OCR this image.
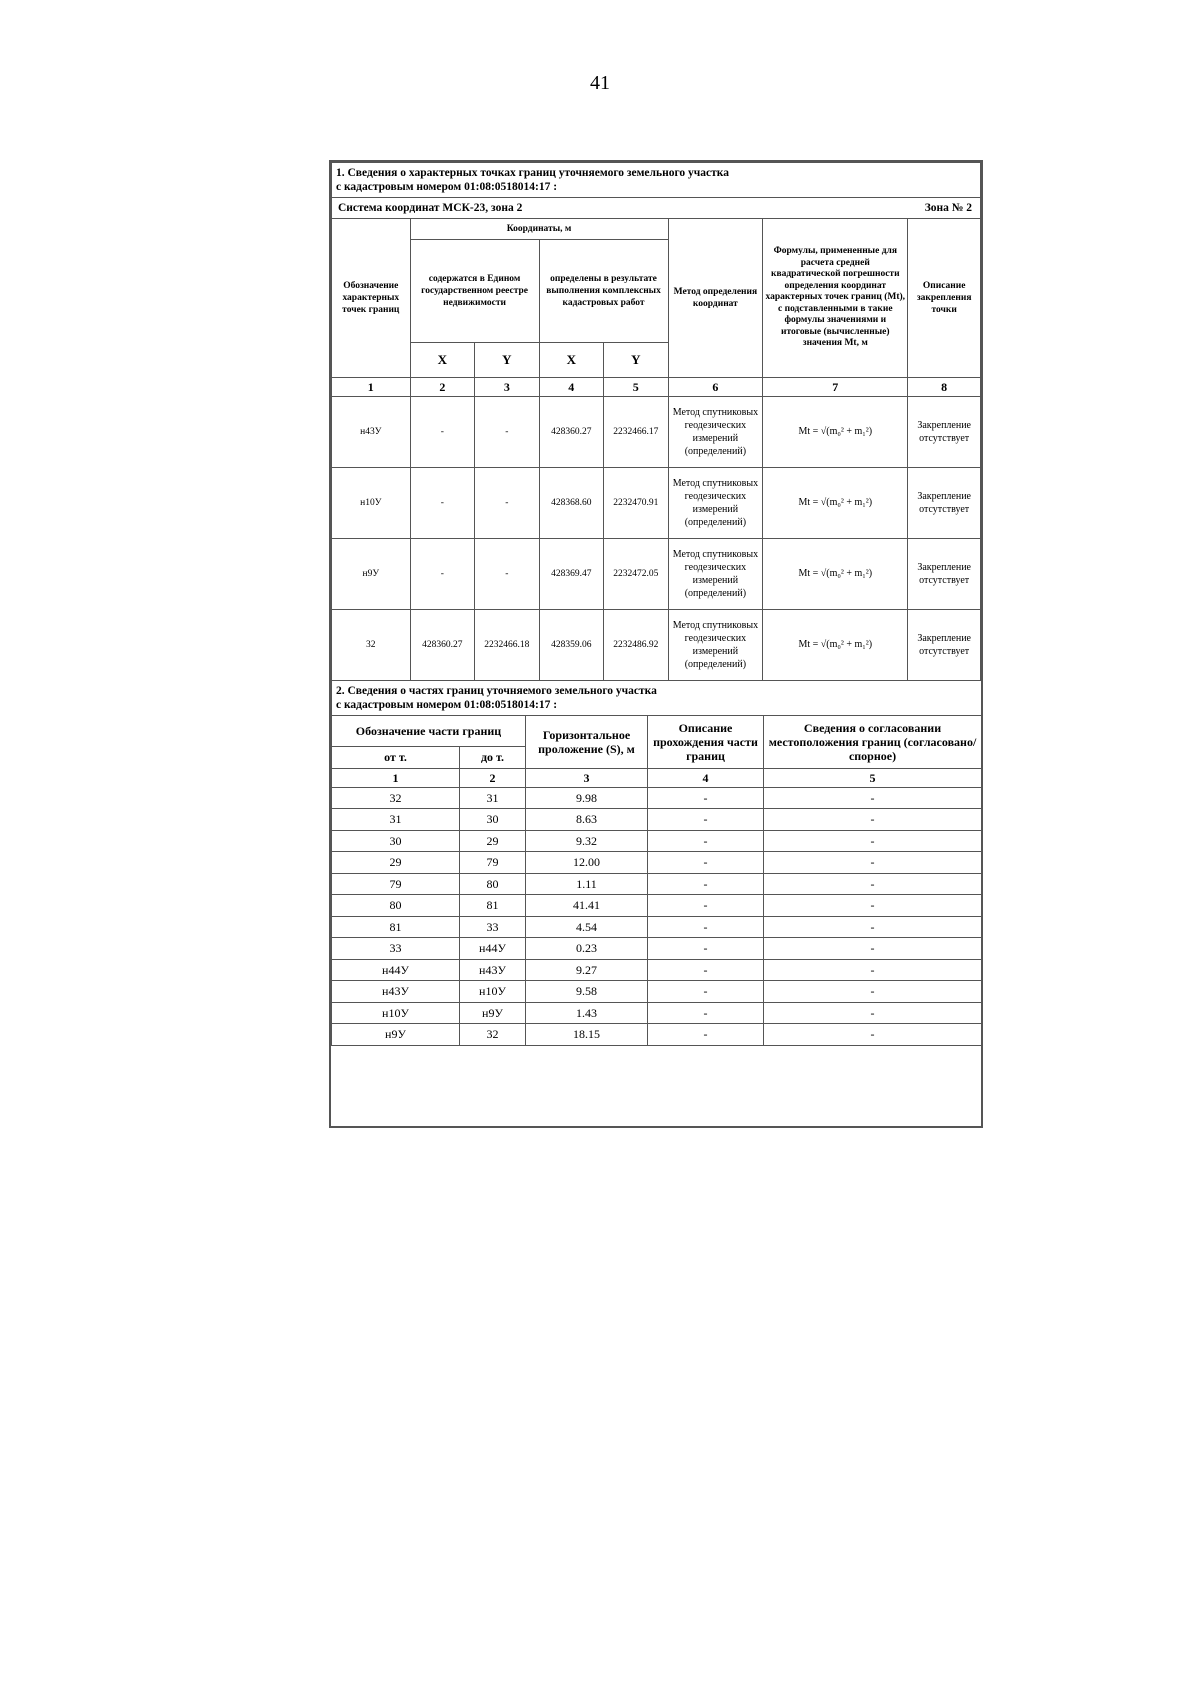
41
1. Сведения о характерных точках границ уточняемого земельного участка
с кадастровым номером 01:08:0518014:17 :							

Система координат МСК-23, зона 2						Зона № 2	
Обозначение характерных точек границ	Координаты, м				Метод определения координат	Формулы, примененные для расчета средней квадратической погрешности определения координат характерных точек границ (Mt), с подставленными в такие формулы значениями и итоговые (вычисленные) значения Mt, м	Описание закрепления точки
	содержатся в Едином государственном реестре недвижимости		определены в результате выполнения комплексных кадастровых работ				
	X	Y	X	Y			
1	2	3	4	5	6	7	8
н43У	-	-	428360.27	2232466.17	Метод спутниковых геодезических измерений (определений)	Mt = √(m₀² + m₁²)	Закрепление отсутствует
н10У	-	-	428368.60	2232470.91	Метод спутниковых геодезических измерений (определений)	Mt = √(m₀² + m₁²)	Закрепление отсутствует
н9У	-	-	428369.47	2232472.05	Метод спутниковых геодезических измерений (определений)	Mt = √(m₀² + m₁²)	Закрепление отсутствует
32	428360.27	2232466.18	428359.06	2232486.92	Метод спутниковых геодезических измерений (определений)	Mt = √(m₀² + m₁²)	Закрепление отсутствует
2. Сведения о частях границ уточняемого земельного участка
с кадастровым номером 01:08:0518014:17 :				

Обозначение части границ		Горизонтальное проложение (S), м	Описание прохождения части границ	Сведения о согласовании местоположения границ (согласовано/спорное)
от т.	до т.			
1	2	3	4	5
32	31	9.98	-	-
31	30	8.63	-	-
30	29	9.32	-	-
29	79	12.00	-	-
79	80	1.11	-	-
80	81	41.41	-	-
81	33	4.54	-	-
33	н44У	0.23	-	-
н44У	н43У	9.27	-	-
н43У	н10У	9.58	-	-
н10У	н9У	1.43	-	-
н9У	32	18.15	-	-
